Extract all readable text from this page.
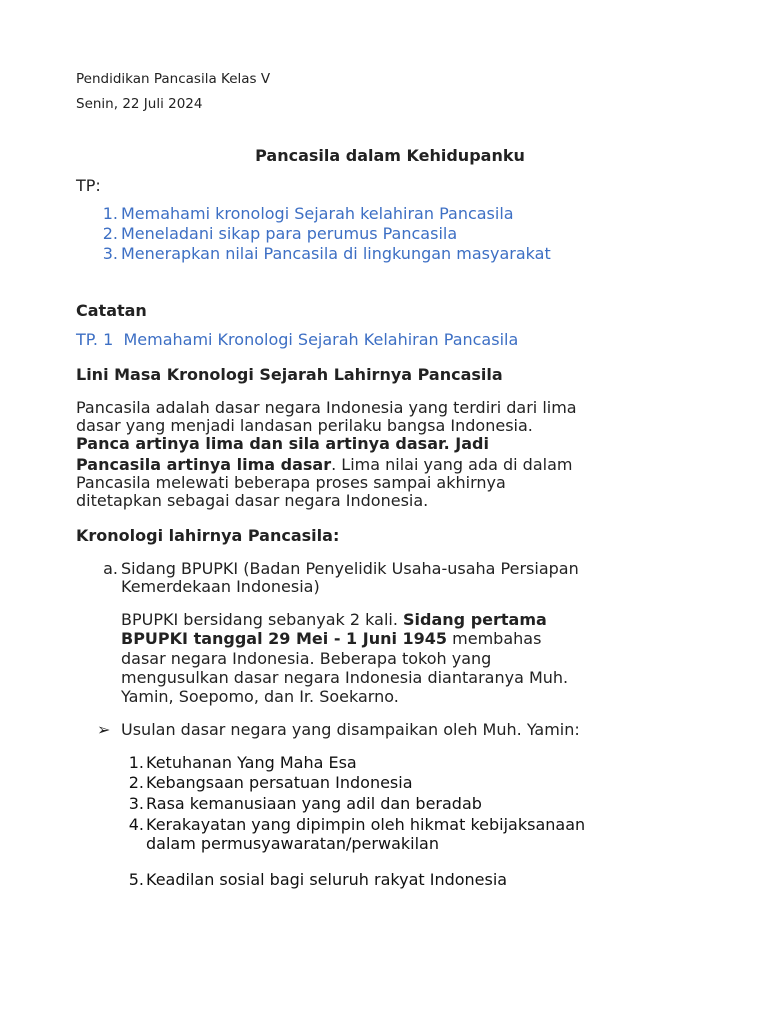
Pendidikan Pancasila Kelas V
Senin, 22 Juli 2024
Pancasila dalam Kehidupanku
TP:
1. Memahami kronologi Sejarah kelahiran Pancasila
2. Meneladani sikap para perumus Pancasila
3. Menerapkan nilai Pancasila di lingkungan masyarakat
Catatan
TP. 1  Memahami Kronologi Sejarah Kelahiran Pancasila
Lini Masa Kronologi Sejarah Lahirnya Pancasila
Pancasila adalah dasar negara Indonesia yang terdiri dari lima
dasar yang menjadi landasan perilaku bangsa Indonesia.
Panca artinya lima dan sila artinya dasar. Jadi
Pancasila artinya lima dasar. Lima nilai yang ada di dalam
Pancasila melewati beberapa proses sampai akhirnya
ditetapkan sebagai dasar negara Indonesia.
Kronologi lahirnya Pancasila:
a. Sidang BPUPKI (Badan Penyelidik Usaha-usaha Persiapan
Kemerdekaan Indonesia)
BPUPKI bersidang sebanyak 2 kali. Sidang pertama
BPUPKI tanggal 29 Mei - 1 Juni 1945 membahas
dasar negara Indonesia. Beberapa tokoh yang
mengusulkan dasar negara Indonesia diantaranya Muh.
Yamin, Soepomo, dan Ir. Soekarno.
➢ Usulan dasar negara yang disampaikan oleh Muh. Yamin:
1. Ketuhanan Yang Maha Esa
2. Kebangsaan persatuan Indonesia
3. Rasa kemanusiaan yang adil dan beradab
4. Kerakayatan yang dipimpin oleh hikmat kebijaksanaan
dalam permusyawaratan/perwakilan
5. Keadilan sosial bagi seluruh rakyat Indonesia
